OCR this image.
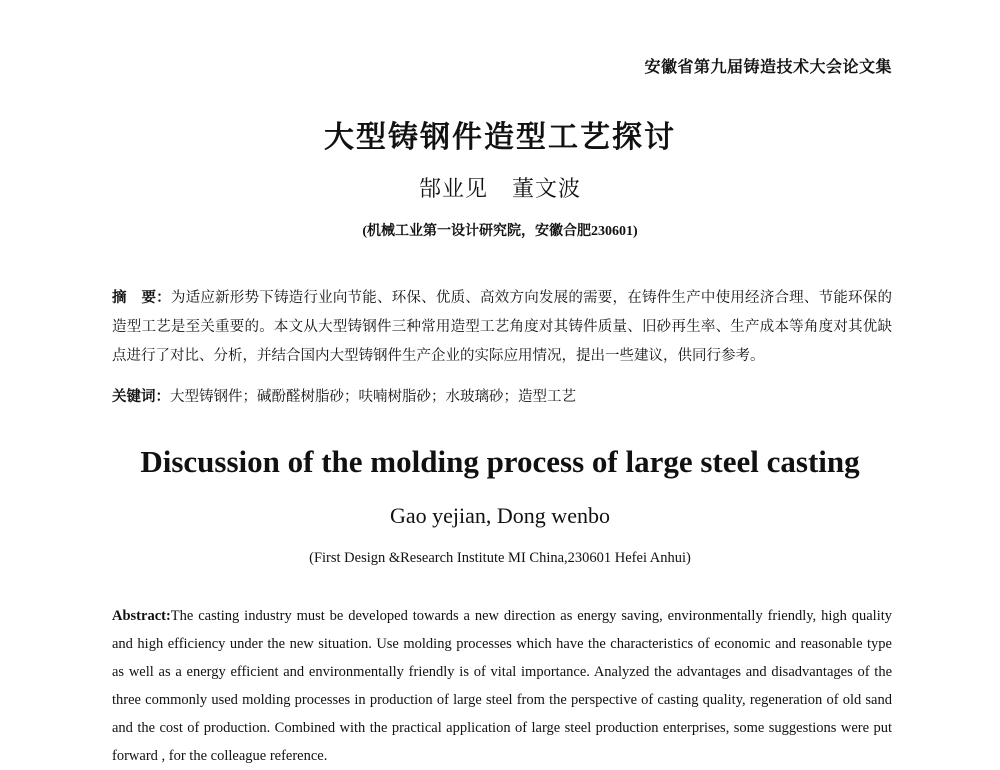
安徽省第九届铸造技术大会论文集
大型铸钢件造型工艺探讨
郜业见 董文波
(机械工业第一设计研究院，安徽合肥230601)
摘　要：为适应新形势下铸造行业向节能、环保、优质、高效方向发展的需要，在铸件生产中使用经济合理、节能环保的造型工艺是至关重要的。本文从大型铸钢件三种常用造型工艺角度对其铸件质量、旧砂再生率、生产成本等角度对其优缺点进行了对比、分析，并结合国内大型铸钢件生产企业的实际应用情况，提出一些建议，供同行参考。
关键词：大型铸钢件；碱酚醛树脂砂；呋喃树脂砂；水玻璃砂；造型工艺
Discussion of the molding process of large steel casting
Gao yejian, Dong wenbo
(First Design &Research Institute MI China,230601 Hefei Anhui)
Abstract:The casting industry must be developed towards a new direction as energy saving, environmentally friendly, high quality and high efficiency under the new situation. Use molding processes which have the characteristics of economic and reasonable type as well as a energy efficient and environmentally friendly is of vital importance. Analyzed the advantages and disadvantages of the three commonly used molding processes in production of large steel from the perspective of casting quality, regeneration of old sand and the cost of production. Combined with the practical application of large steel production enterprises, some suggestions were put forward , for the colleague reference.
